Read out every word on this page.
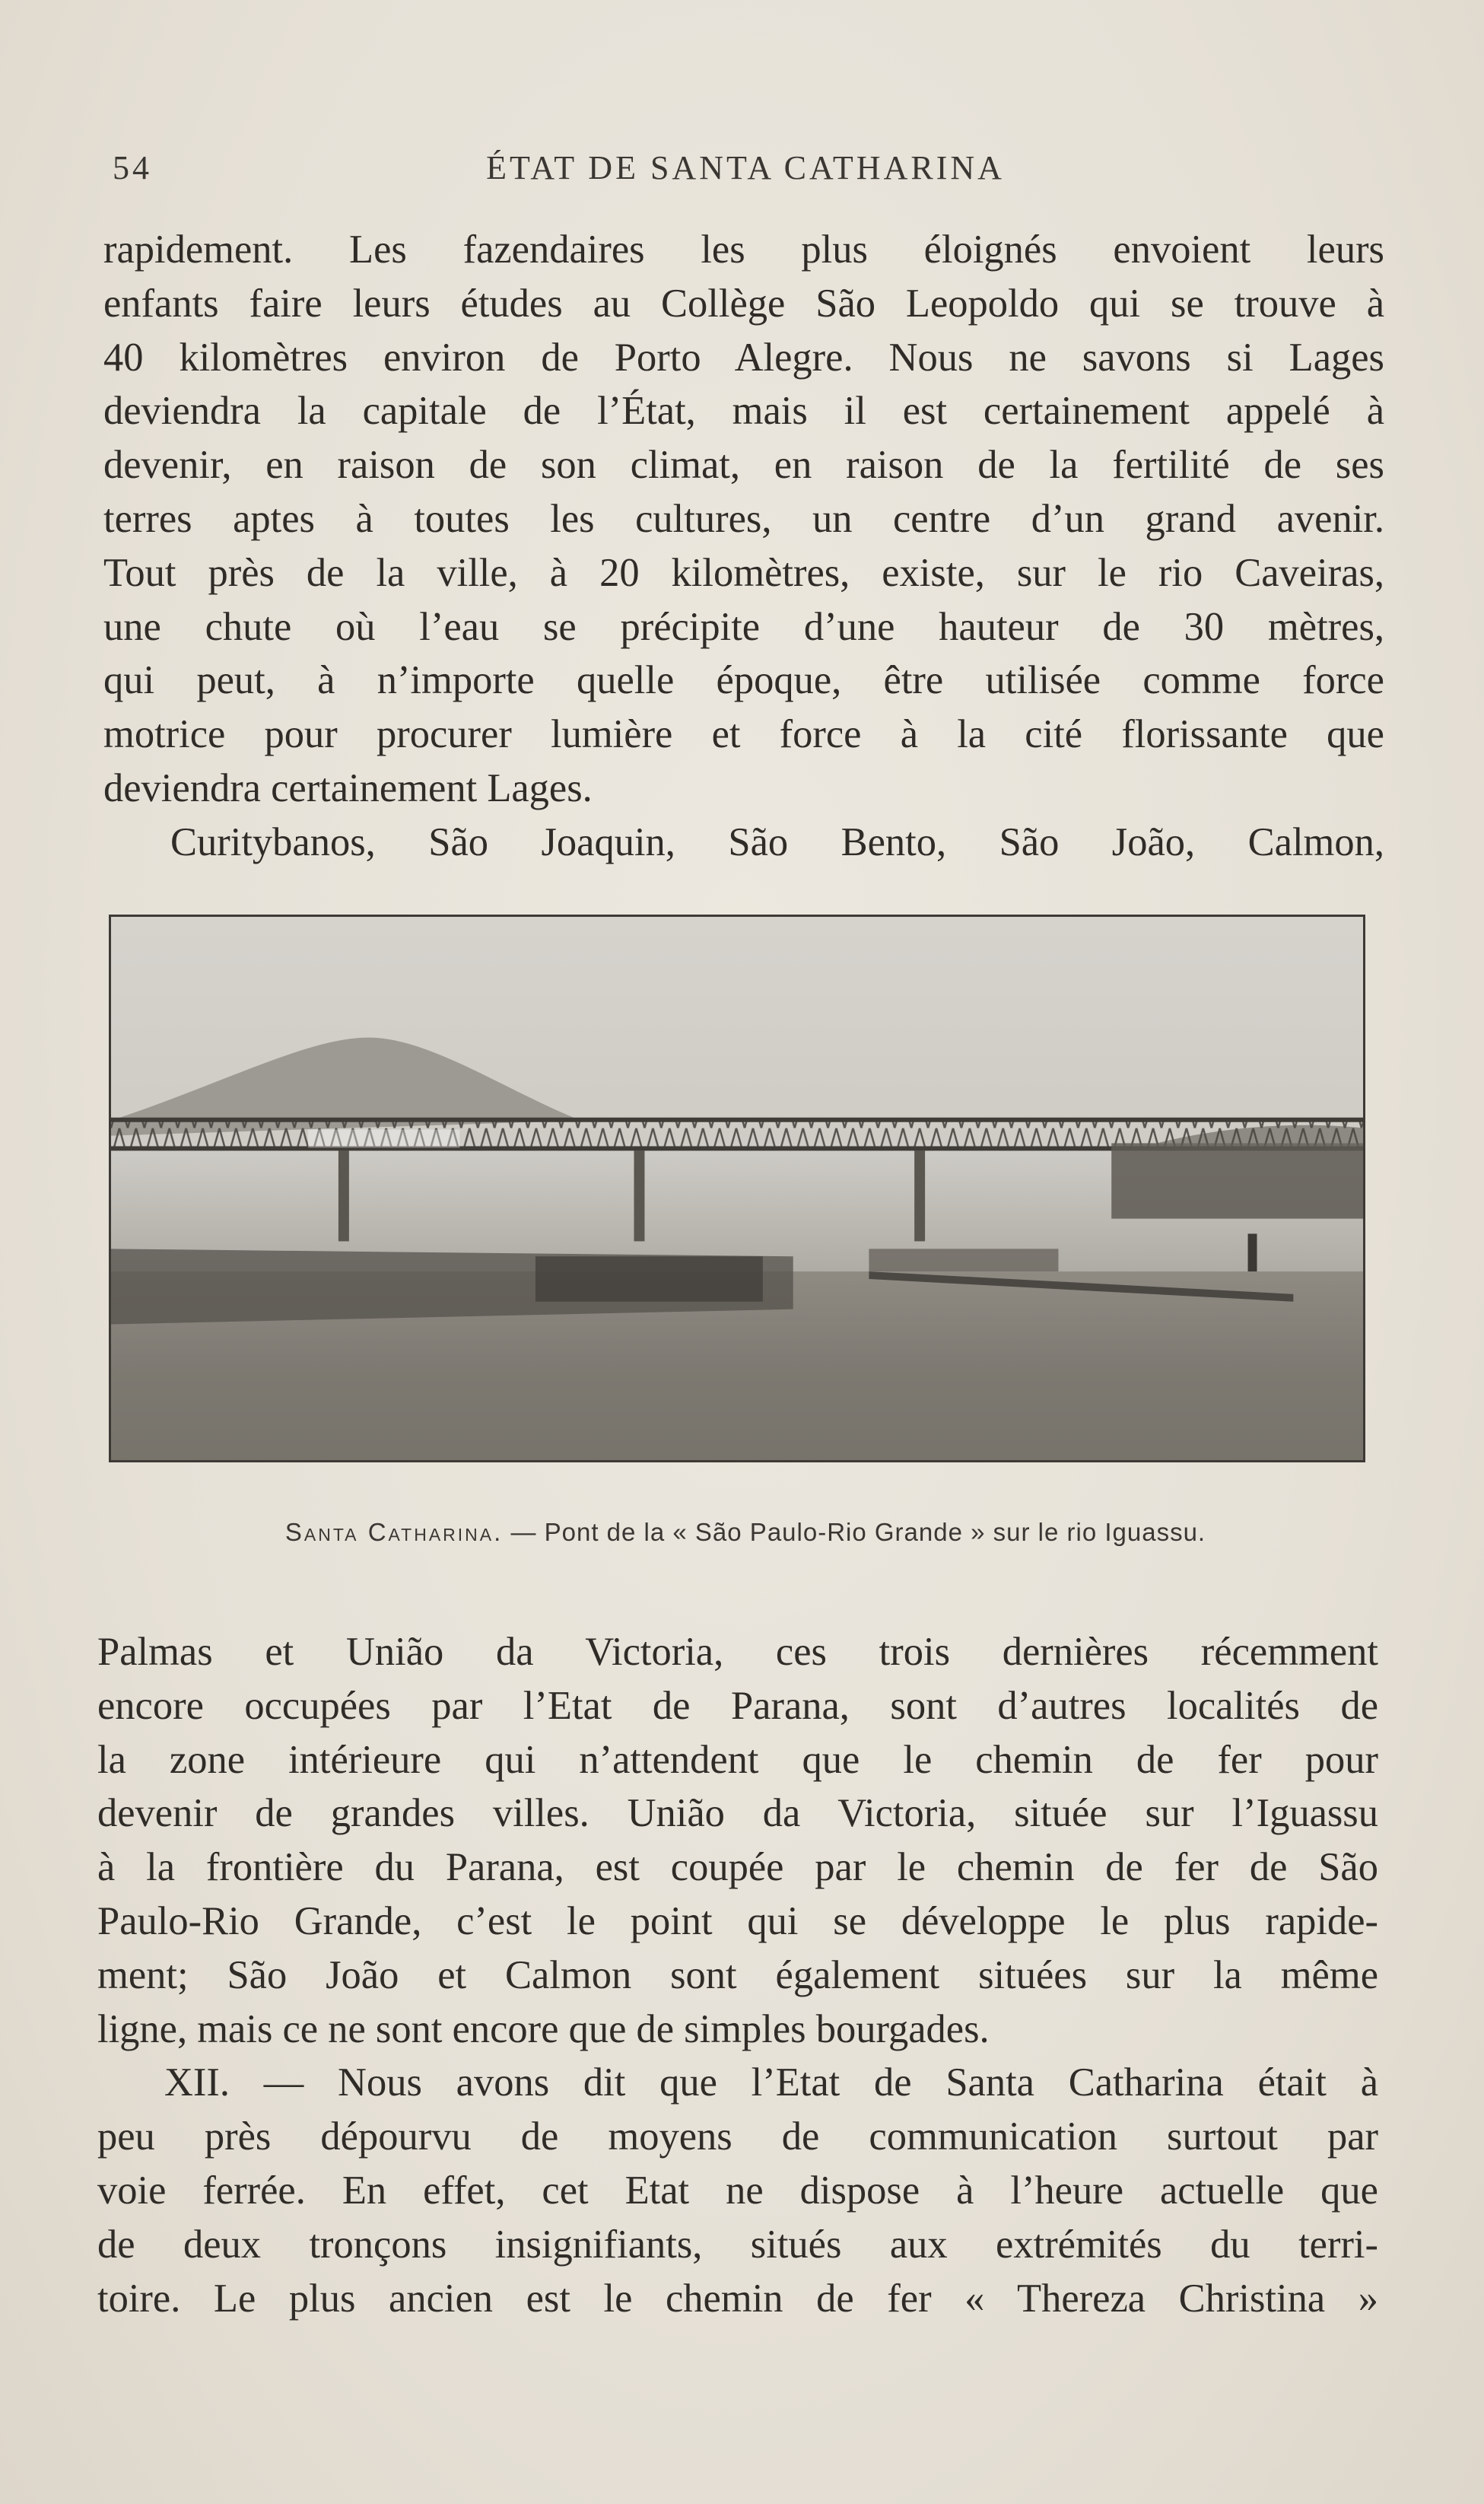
54	ÉTAT DE SANTA CATHARINA
rapidement. Les fazendaires les plus éloignés envoient leurs
enfants faire leurs études au Collège São Leopoldo qui se trouve à
40 kilomètres environ de Porto Alegre. Nous ne savons si Lages
deviendra la capitale de l’État, mais il est certainement appelé à
devenir, en raison de son climat, en raison de la fertilité de ses
terres aptes à toutes les cultures, un centre d’un grand avenir.
Tout près de la ville, à 20 kilomètres, existe, sur le rio Caveiras,
une chute où l’eau se précipite d’une hauteur de 30 mètres,
qui peut, à n’importe quelle époque, être utilisée comme force
motrice pour procurer lumière et force à la cité florissante que
deviendra certainement Lages.
Curitybanos, São Joaquin, São Bento, São João, Calmon,
Santa Catharina. — Pont de la « São Paulo-Rio Grande » sur le rio Iguassu.
Palmas et União da Victoria, ces trois dernières récemment
encore occupées par l’Etat de Parana, sont d’autres localités de
la zone intérieure qui n’attendent que le chemin de fer pour
devenir de grandes villes. União da Victoria, située sur l’Iguassu
à la frontière du Parana, est coupée par le chemin de fer de São
Paulo-Rio Grande, c’est le point qui se développe le plus rapide-
ment; São João et Calmon sont également situées sur la même
ligne, mais ce ne sont encore que de simples bourgades.
XII. — Nous avons dit que l’Etat de Santa Catharina était à
peu près dépourvu de moyens de communication surtout par
voie ferrée. En effet, cet Etat ne dispose à l’heure actuelle que
de deux tronçons insignifiants, situés aux extrémités du terri-
toire. Le plus ancien est le chemin de fer « Thereza Christina »
